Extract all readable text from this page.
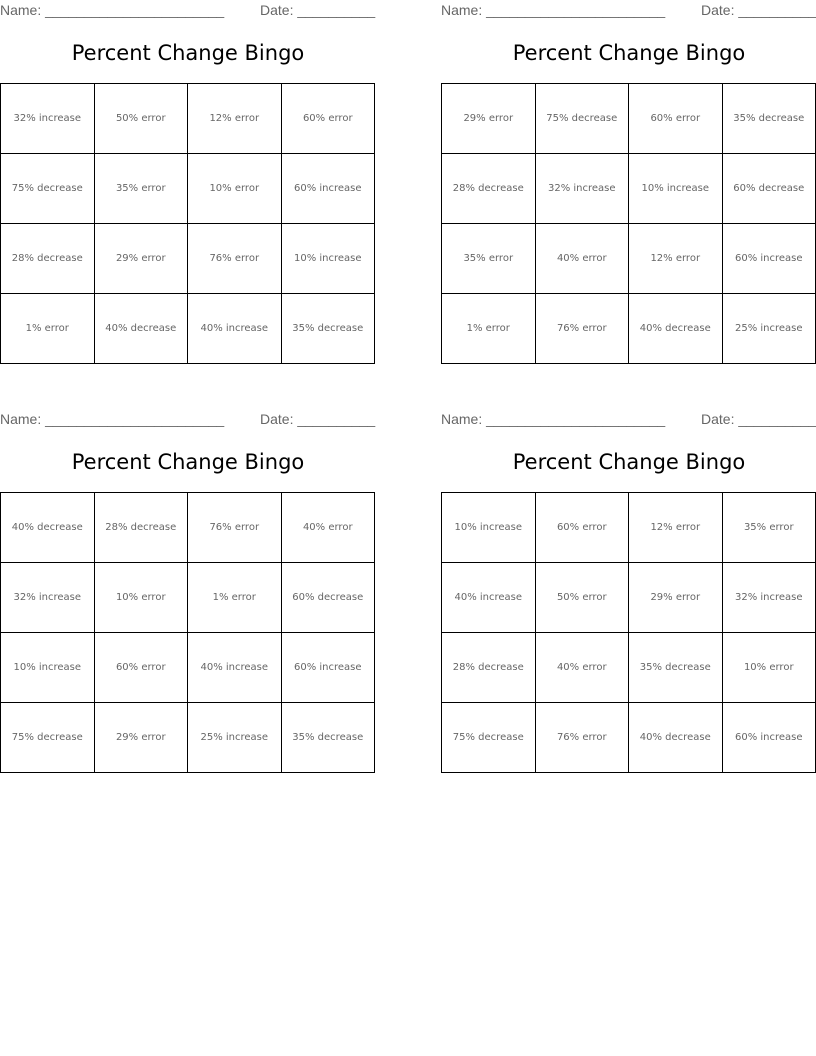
Name: _______________________	Date: __________
Percent Change Bingo
32% increase	50% error	12% error	60% error
75% decrease	35% error	10% error	60% increase
28% decrease	29% error	76% error	10% increase
1% error	40% decrease	40% increase	35% decrease
Name: _______________________	Date: __________
Percent Change Bingo
29% error	75% decrease	60% error	35% decrease
28% decrease	32% increase	10% increase	60% decrease
35% error	40% error	12% error	60% increase
1% error	76% error	40% decrease	25% increase
Name: _______________________	Date: __________
Percent Change Bingo
40% decrease	28% decrease	76% error	40% error
32% increase	10% error	1% error	60% decrease
10% increase	60% error	40% increase	60% increase
75% decrease	29% error	25% increase	35% decrease
Name: _______________________	Date: __________
Percent Change Bingo
10% increase	60% error	12% error	35% error
40% increase	50% error	29% error	32% increase
28% decrease	40% error	35% decrease	10% error
75% decrease	76% error	40% decrease	60% increase
